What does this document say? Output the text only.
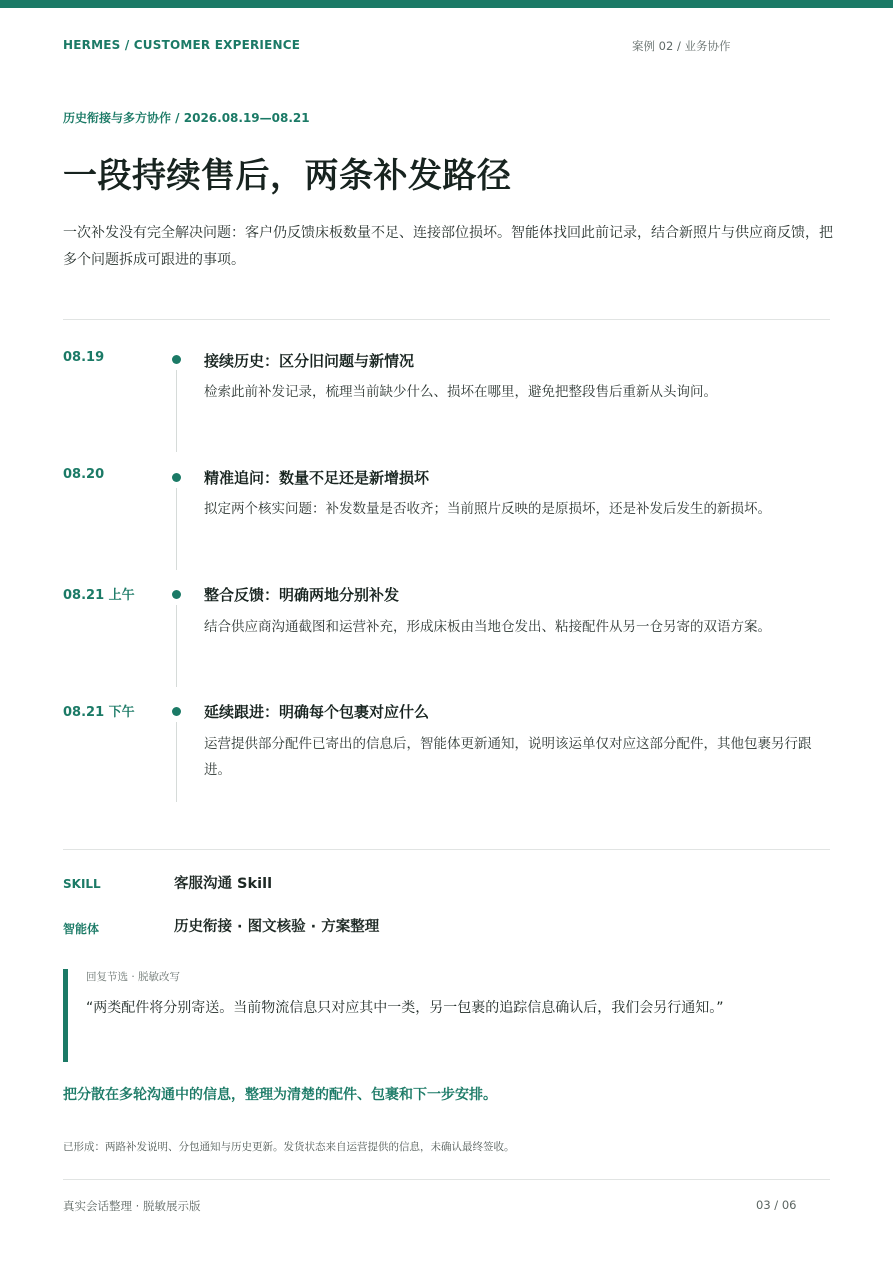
HERMES / CUSTOMER EXPERIENCE	案例 02 / 业务协作
历史衔接与多方协作 / 2026.08.19—08.21
一段持续售后，两条补发路径

一次补发没有完全解决问题：客户仍反馈床板数量不足、连接部位损坏。智能体找回此前记录，结合新照片与供应商反馈，把多个问题拆成可跟进的事项。

08.19	接续历史：区分旧问题与新情况
检索此前补发记录，梳理当前缺少什么、损坏在哪里，避免把整段售后重新从头询问。
08.20	精准追问：数量不足还是新增损坏
拟定两个核实问题：补发数量是否收齐；当前照片反映的是原损坏，还是补发后发生的新损坏。
08.21 上午	整合反馈：明确两地分别补发
结合供应商沟通截图和运营补充，形成床板由当地仓发出、粘接配件从另一仓另寄的双语方案。
08.21 下午	延续跟进：明确每个包裹对应什么
运营提供部分配件已寄出的信息后，智能体更新通知，说明该运单仅对应这部分配件，其他包裹另行跟进。
SKILL	客服沟通 Skill
智能体	历史衔接 · 图文核验 · 方案整理
回复节选 · 脱敏改写
“两类配件将分别寄送。当前物流信息只对应其中一类，另一包裹的追踪信息确认后，我们会另行通知。”
把分散在多轮沟通中的信息，整理为清楚的配件、包裹和下一步安排。
已形成：两路补发说明、分包通知与历史更新。发货状态来自运营提供的信息，未确认最终签收。
真实会话整理 · 脱敏展示版	03 / 06
